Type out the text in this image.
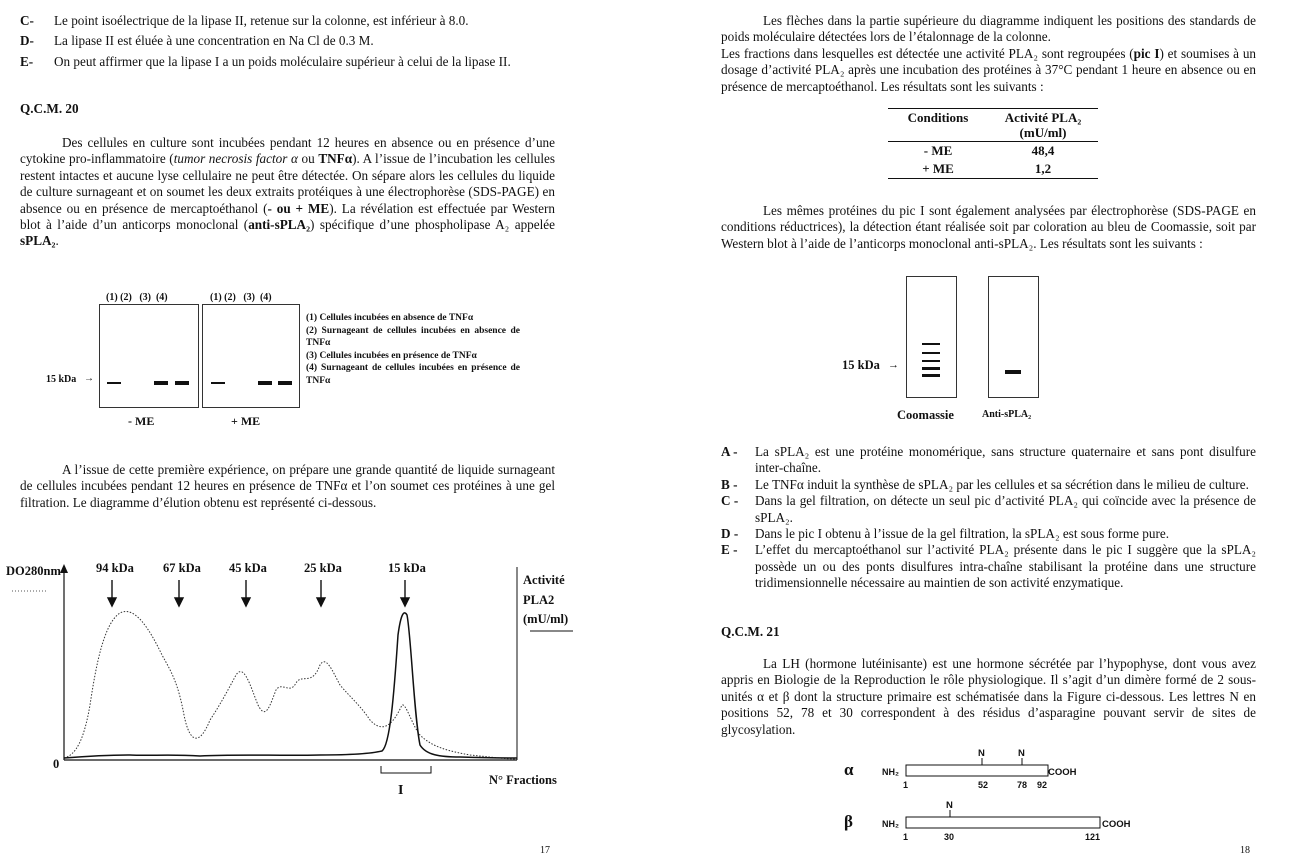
C-	Le point isoélectrique de la lipase II, retenue sur la colonne, est inférieur à 8.0.
D-	La lipase II est éluée à une concentration en Na Cl de 0.3 M.
E-	On peut affirmer que la lipase I a un poids moléculaire supérieur à celui de la lipase II.
Q.C.M. 20
Des cellules en culture sont incubées pendant 12 heures en absence ou en présence d’une cytokine pro-inflammatoire (tumor necrosis factor α ou TNFα). A l’issue de l’incubation les cellules restent intactes et aucune lyse cellulaire ne peut être détectée. On sépare alors les cellules du liquide de culture surnageant et on soumet les deux extraits protéiques à une électrophorèse (SDS-PAGE) en absence ou en présence de mercaptoéthanol (- ou + ME). La révélation est effectuée par Western blot à l’aide d’un anticorps monoclonal (anti-sPLA₂) spécifique d’une phospholipase A₂ appelée sPLA₂.
(1) (2)   (3)  (4)	(1) (2)   (3)  (4)
15 kDa →
- ME	+ ME
(1) Cellules incubées en absence de TNFα
(2) Surnageant de cellules incubées en absence de TNFα
(3) Cellules incubées en présence de TNFα
(4) Surnageant de cellules incubées en présence de TNFα
A l’issue de cette première expérience, on prépare une grande quantité de liquide surnageant de cellules incubées pendant 12 heures en présence de TNFα et l’on soumet ces protéines à une gel filtration. Le diagramme d’élution obtenu est représenté ci-dessous.
DO280nm
0
94 kDa 67 kDa 45 kDa	25 kDa	15 kDa
Activité
PLA2
(mU/ml)
N° Fractions
I
17
Les flèches dans la partie supérieure du diagramme indiquent les positions des standards de poids moléculaire détectées lors de l’étalonnage de la colonne.
Les fractions dans lesquelles est détectée une activité PLA₂ sont regroupées (pic I) et soumises à un dosage d’activité PLA₂ après une incubation des protéines à 37°C pendant 1 heure en absence ou en présence de mercaptoéthanol. Les résultats sont les suivants :
Conditions	Activité PLA₂ (mU/ml)
- ME	48,4
+ ME	1,2
Les mêmes protéines du pic I sont également analysées par électrophorèse (SDS-PAGE en conditions réductrices), la détection étant réalisée soit par coloration au bleu de Coomassie, soit par Western blot à l’aide de l’anticorps monoclonal anti-sPLA₂. Les résultats sont les suivants :
15 kDa →
Coomassie	Anti-sPLA₂
A -	La sPLA₂ est une protéine monomérique, sans structure quaternaire et sans pont disulfure inter-chaîne.
B -	Le TNFα induit la synthèse de sPLA₂ par les cellules et sa sécrétion dans le milieu de culture.
C -	Dans la gel filtration, on détecte un seul pic d’activité PLA₂ qui coïncide avec la présence de sPLA₂.
D -	Dans le pic I obtenu à l’issue de la gel filtration, la sPLA₂ est sous forme pure.
E -	L’effet du mercaptoéthanol sur l’activité PLA₂ présente dans le pic I suggère que la sPLA₂ possède un ou des ponts disulfures intra-chaîne stabilisant la protéine dans une structure tridimensionnelle nécessaire au maintien de son activité enzymatique.
Q.C.M. 21
La LH (hormone lutéinisante) est une hormone sécrétée par l’hypophyse, dont vous avez appris en Biologie de la Reproduction le rôle physiologique. Il s’agit d’un dimère formé de 2 sous-unités α et β dont la structure primaire est schématisée dans la Figure ci-dessous. Les lettres N en positions 52, 78 et 30 correspondent à des résidus d’asparagine pouvant servir de sites de glycosylation.
α	NH₂	COOH
N	N
1	52	78 92
β	NH₂	COOH
N
1	30	121
18
